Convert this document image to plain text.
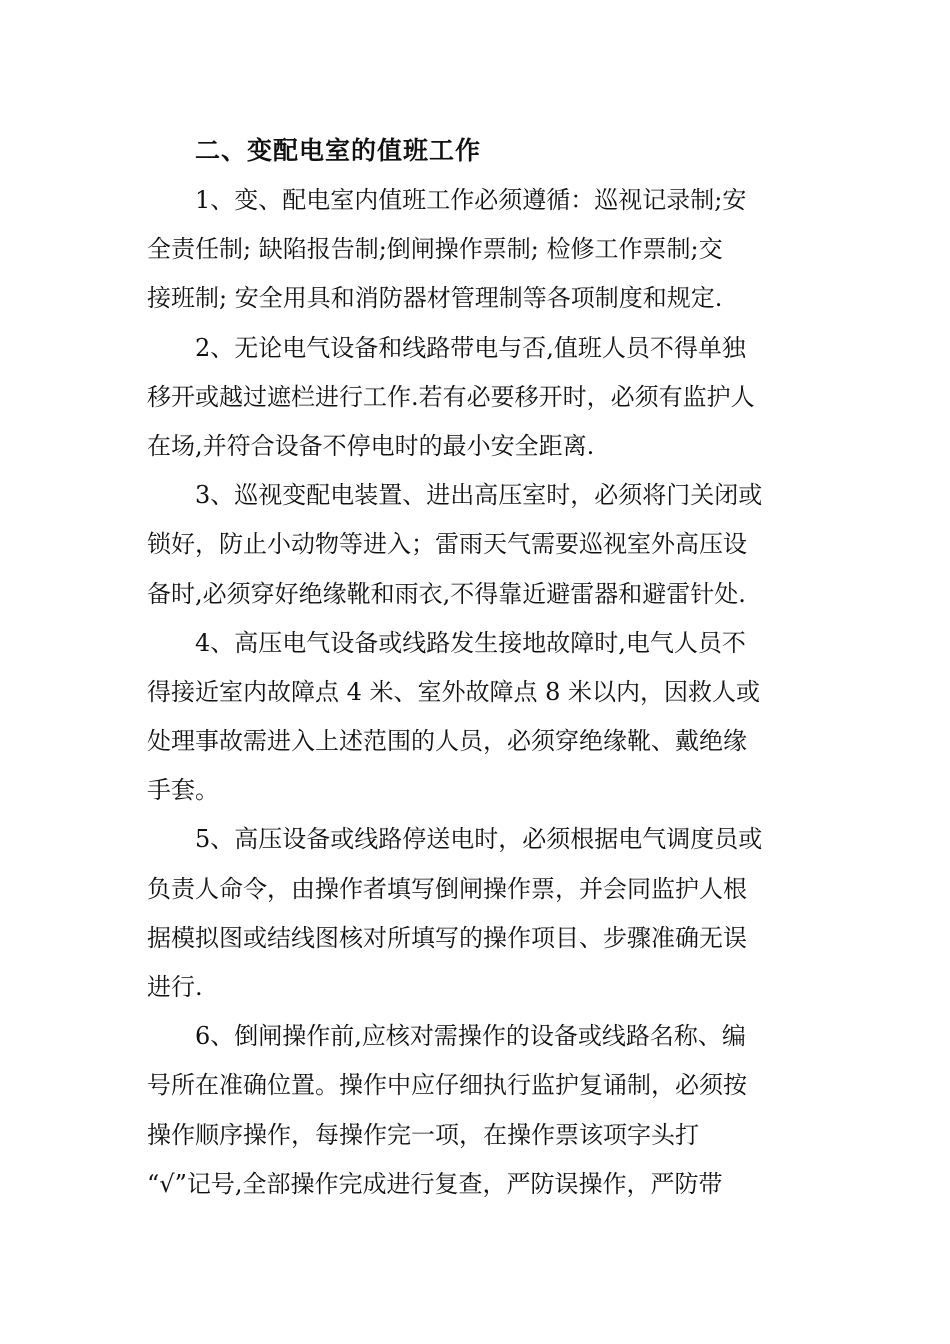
二、变配电室的值班工作

1、变、配电室内值班工作必须遵循：巡视记录制;安
全责任制; 缺陷报告制;倒闸操作票制; 检修工作票制;交
接班制; 安全用具和消防器材管理制等各项制度和规定.

2、无论电气设备和线路带电与否,值班人员不得单独
移开或越过遮栏进行工作.若有必要移开时，必须有监护人
在场,并符合设备不停电时的最小安全距离.

3、巡视变配电装置、进出高压室时，必须将门关闭或
锁好，防止小动物等进入；雷雨天气需要巡视室外高压设
备时,必须穿好绝缘靴和雨衣,不得靠近避雷器和避雷针处.

4、高压电气设备或线路发生接地故障时,电气人员不
得接近室内故障点 4 米、室外故障点 8 米以内，因救人或
处理事故需进入上述范围的人员，必须穿绝缘靴、戴绝缘
手套。

5、高压设备或线路停送电时，必须根据电气调度员或
负责人命令，由操作者填写倒闸操作票，并会同监护人根
据模拟图或结线图核对所填写的操作项目、步骤准确无误
进行.

6、倒闸操作前,应核对需操作的设备或线路名称、编
号所在准确位置。操作中应仔细执行监护复诵制，必须按
操作顺序操作，每操作完一项，在操作票该项字头打
“√”记号,全部操作完成进行复查，严防误操作，严防带
